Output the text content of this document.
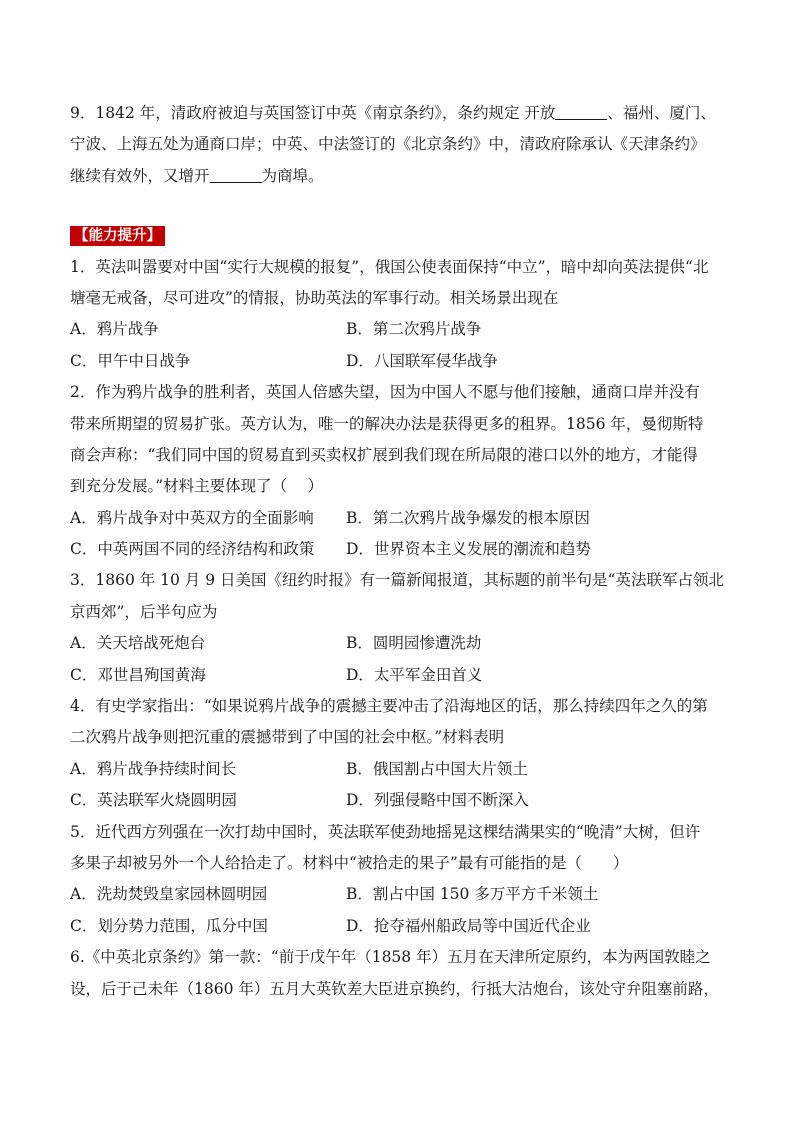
9．1842 年，清政府被迫与英国签订中英《南京条约》，条约规定 开放	、福州、厦门、
宁波、上海五处为通商口岸；中英、中法签订的《北京条约》中，清政府除承认《天津条约》
继续有效外，又增开	为商埠。
【能力提升】
1．英法叫嚣要对中国“实行大规模的报复”，俄国公使表面保持“中立”，暗中却向英法提供“北
塘毫无戒备，尽可进攻”的情报，协助英法的军事行动。相关场景出现在
A．鸦片战争	B．第二次鸦片战争
C．甲午中日战争	D．八国联军侵华战争
2．作为鸦片战争的胜利者，英国人倍感失望，因为中国人不愿与他们接触，通商口岸并没有
带来所期望的贸易扩张。英方认为，唯一的解决办法是获得更多的租界。1856 年，曼彻斯特
商会声称：“我们同中国的贸易直到买卖权扩展到我们现在所局限的港口以外的地方，才能得
到充分发展。”材料主要体现了（　 ）
A．鸦片战争对中英双方的全面影响	B．第二次鸦片战争爆发的根本原因
C．中英两国不同的经济结构和政策	D．世界资本主义发展的潮流和趋势
3．1860 年 10 月 9 日美国《纽约时报》有一篇新闻报道，其标题的前半句是“英法联军占领北
京西郊”，后半句应为
A．关天培战死炮台	B．圆明园惨遭洗劫
C．邓世昌殉国黄海	D．太平军金田首义
4．有史学家指出：“如果说鸦片战争的震撼主要冲击了沿海地区的话，那么持续四年之久的第
二次鸦片战争则把沉重的震撼带到了中国的社会中枢。”材料表明
A．鸦片战争持续时间长	B．俄国割占中国大片领土
C．英法联军火烧圆明园	D．列强侵略中国不断深入
5．近代西方列强在一次打劫中国时，英法联军使劲地摇晃这棵结满果实的“晚清”大树，但许
多果子却被另外一个人给拾走了。材料中“被拾走的果子”最有可能指的是（　　）
A．洗劫焚毁皇家园林圆明园	B．割占中国 150 多万平方千米领土
C．划分势力范围，瓜分中国	D．抢夺福州船政局等中国近代企业
6.《中英北京条约》第一款：“前于戊午年（1858 年）五月在天津所定原约，本为两国敦睦之
设，后于己未年（1860 年）五月大英钦差大臣进京换约，行抵大沽炮台，该处守弁阻塞前路，
